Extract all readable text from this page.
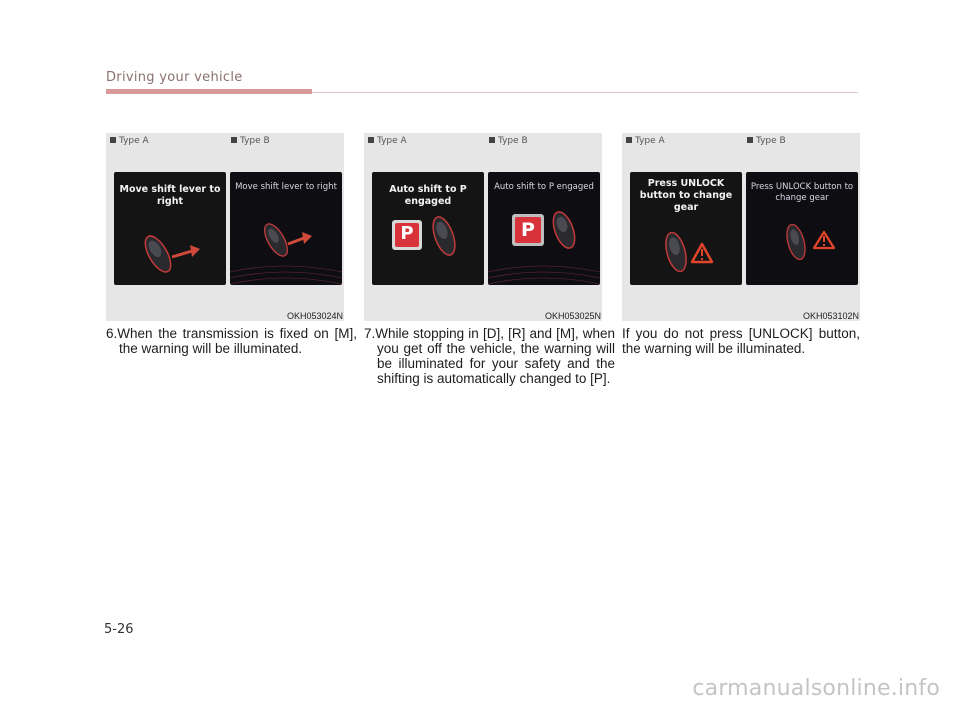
Driving your vehicle
Type A	Type B
Move shift lever to right
Move shift lever to right
OKH053024N
Type A	Type B
Auto shift to P engaged
P
Auto shift to P engaged
P
OKH053025N
Type A	Type B
Press UNLOCK button to change gear
Press UNLOCK button to change gear
OKH053102N
6.When the transmission is fixed on [M], the warning will be illuminated.
7.While stopping in [D], [R] and [M], when you get off the vehicle, the warning will be illuminated for your safety and the shifting is automatically changed to [P].
If you do not press [UNLOCK] button, the warning will be illuminated.
5-26
carmanualsonline.info
